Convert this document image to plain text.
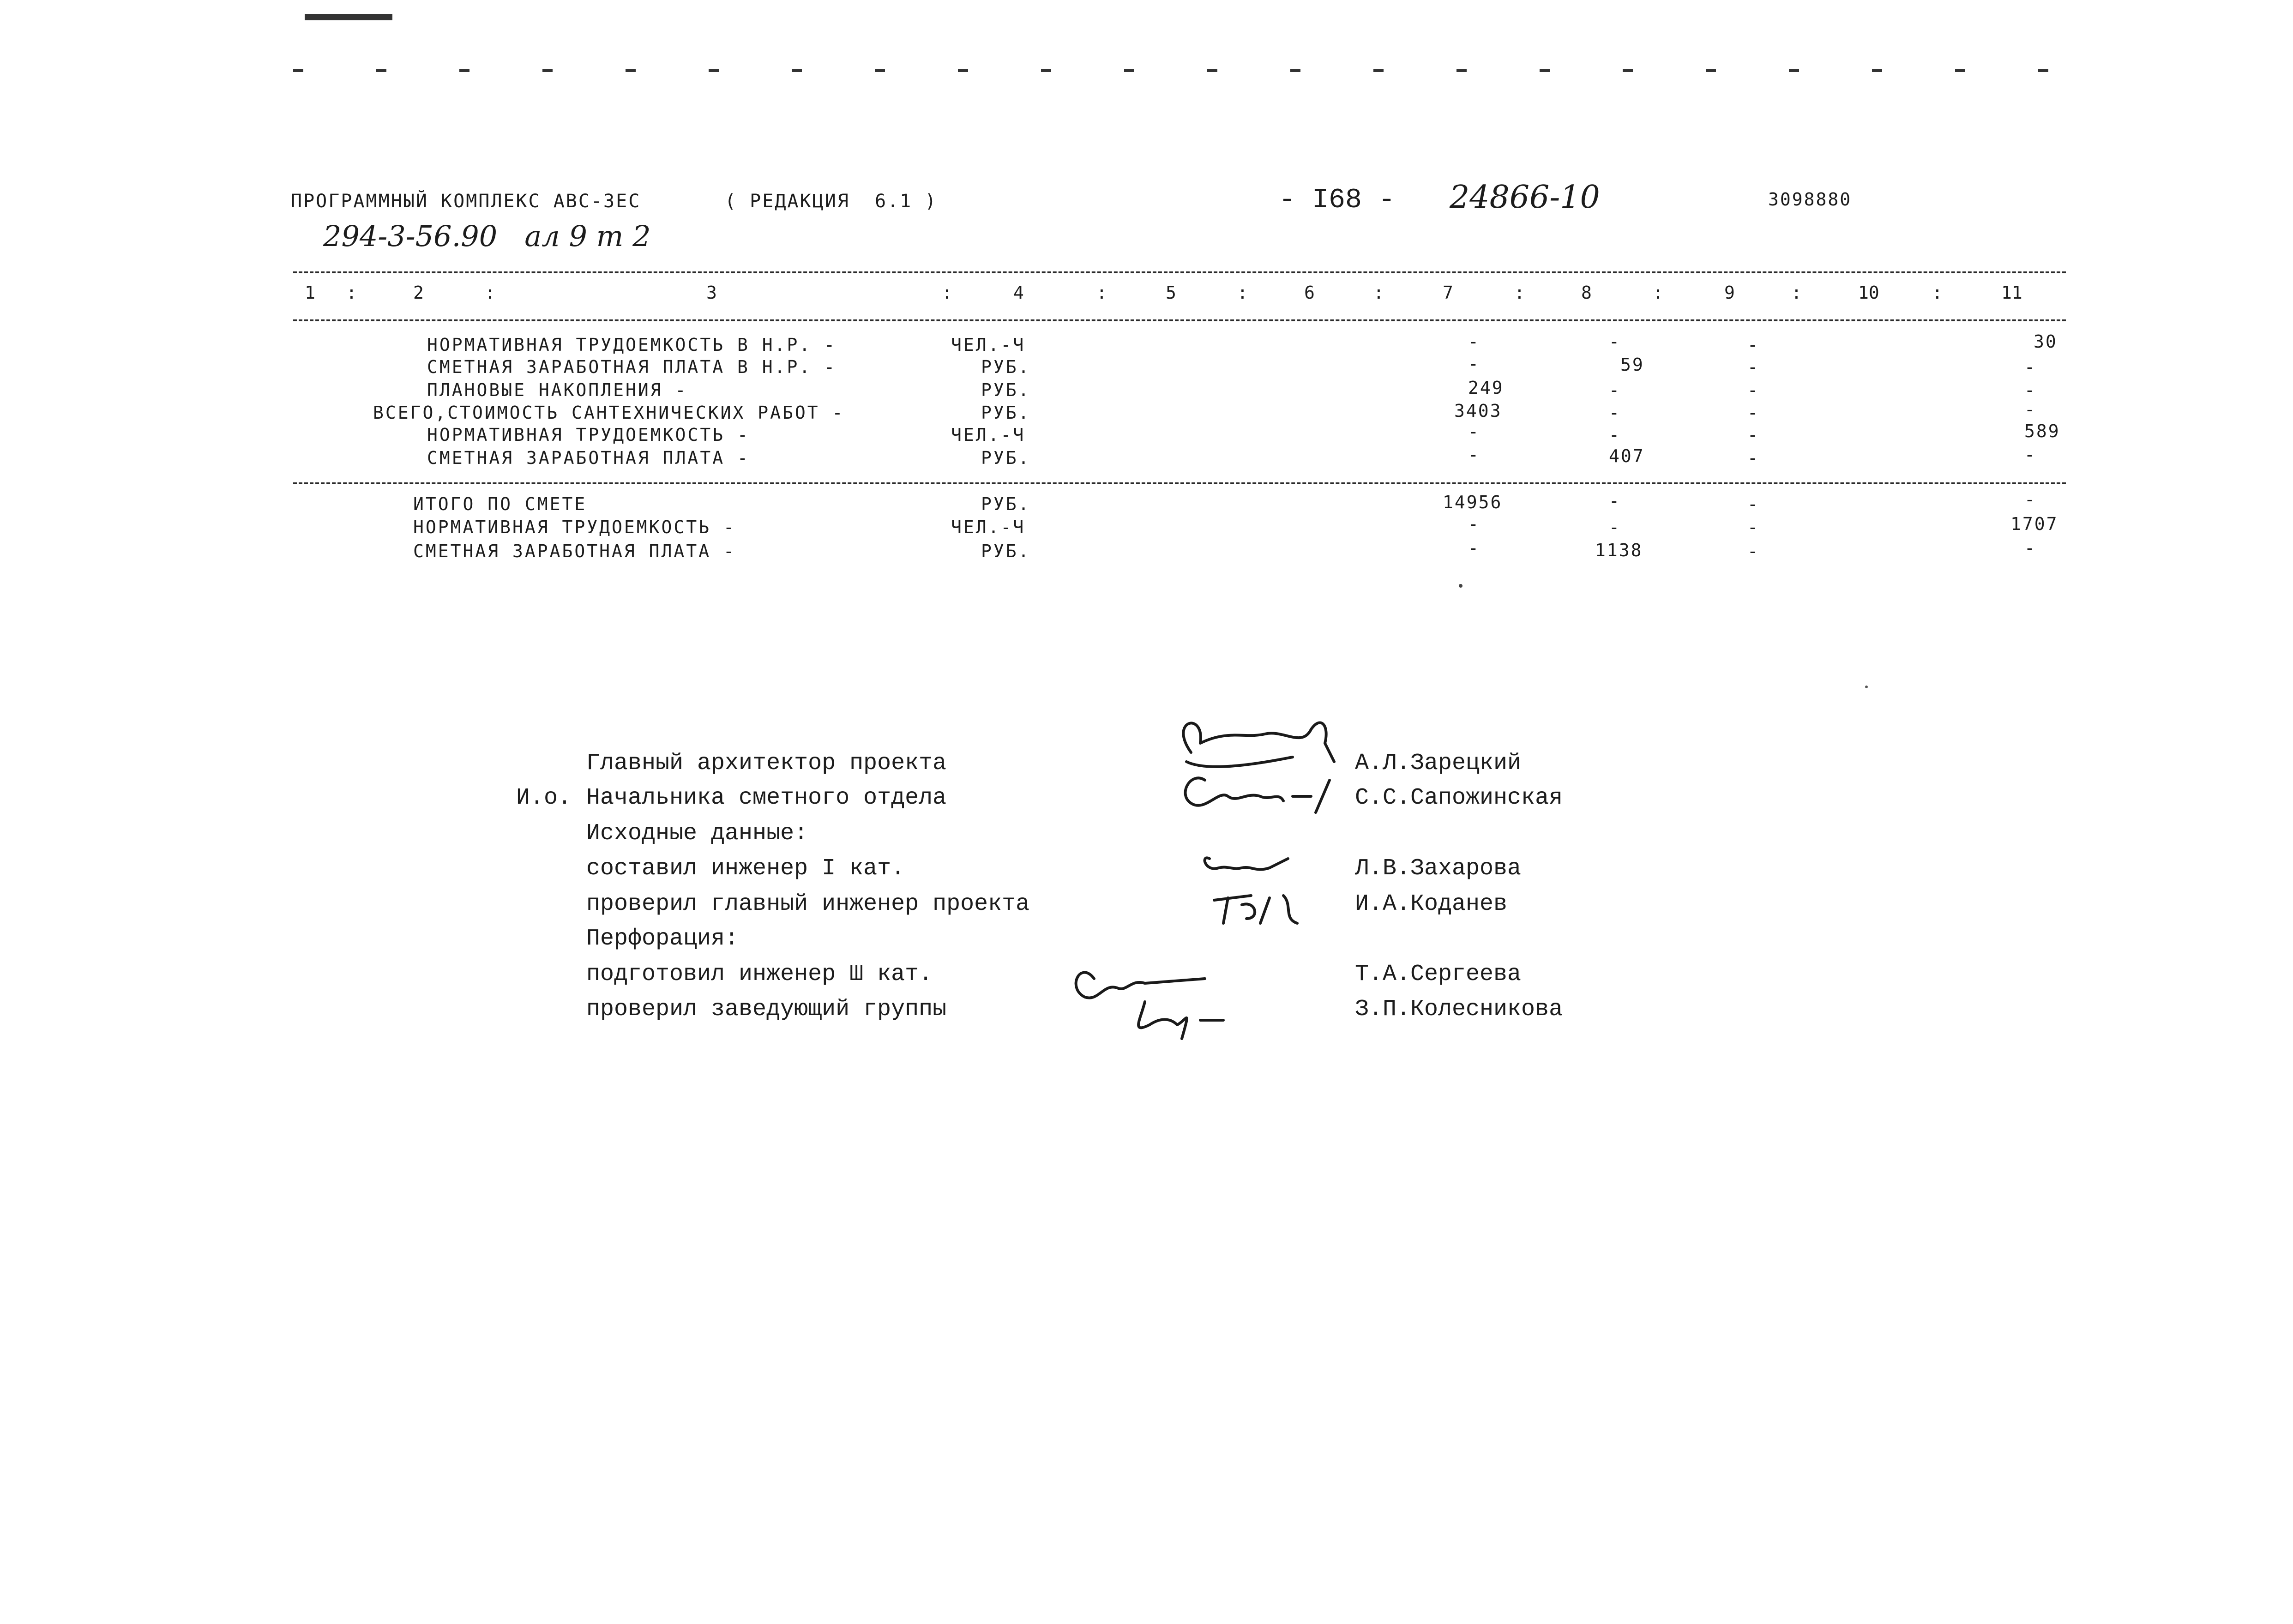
ПРОГРАММНЫЙ КОМПЛЕКС АВС-ЗЕС	( РЕДАКЦИЯ  6.1 )	- I68 - 24866-10	3098880
294-3-56.90   ал 9 т 2
1	2	3	4	5	6	7	8	9	10	11
:	:	:	:	:	:	:	:	:	:
НОРМАТИВНАЯ ТРУДОЕМКОСТЬ В Н.Р. -	ЧЕЛ.-Ч	-	-	-	30
СМЕТНАЯ ЗАРАБОТНАЯ ПЛАТА В Н.Р. -	РУБ.	-	59	-	-
ПЛАНОВЫЕ НАКОПЛЕНИЯ -	РУБ.	249	-	-	-
ВСЕГО,СТОИМОСТЬ САНТЕХНИЧЕСКИХ РАБОТ -	РУБ.	3403	-	-	-
НОРМАТИВНАЯ ТРУДОЕМКОСТЬ -	ЧЕЛ.-Ч	-	-	-	589
СМЕТНАЯ ЗАРАБОТНАЯ ПЛАТА -	РУБ.	-	407	-	-
ИТОГО ПО СМЕТЕ	РУБ.	14956	-	-	-
НОРМАТИВНАЯ ТРУДОЕМКОСТЬ -	ЧЕЛ.-Ч	-	-	-	1707
СМЕТНАЯ ЗАРАБОТНАЯ ПЛАТА -	РУБ.	-	1138	-	-
И.о.
Главный архитектор проекта
Начальника сметного отдела
Исходные данные:
составил инженер I кат.
проверил главный инженер проекта
Перфорация:
подготовил инженер Ш кат.
проверил заведующий группы
А.Л.Зарецкий
С.С.Сапожинская
Л.В.Захарова
И.А.Коданев
Т.А.Сергеева
З.П.Колесникова
